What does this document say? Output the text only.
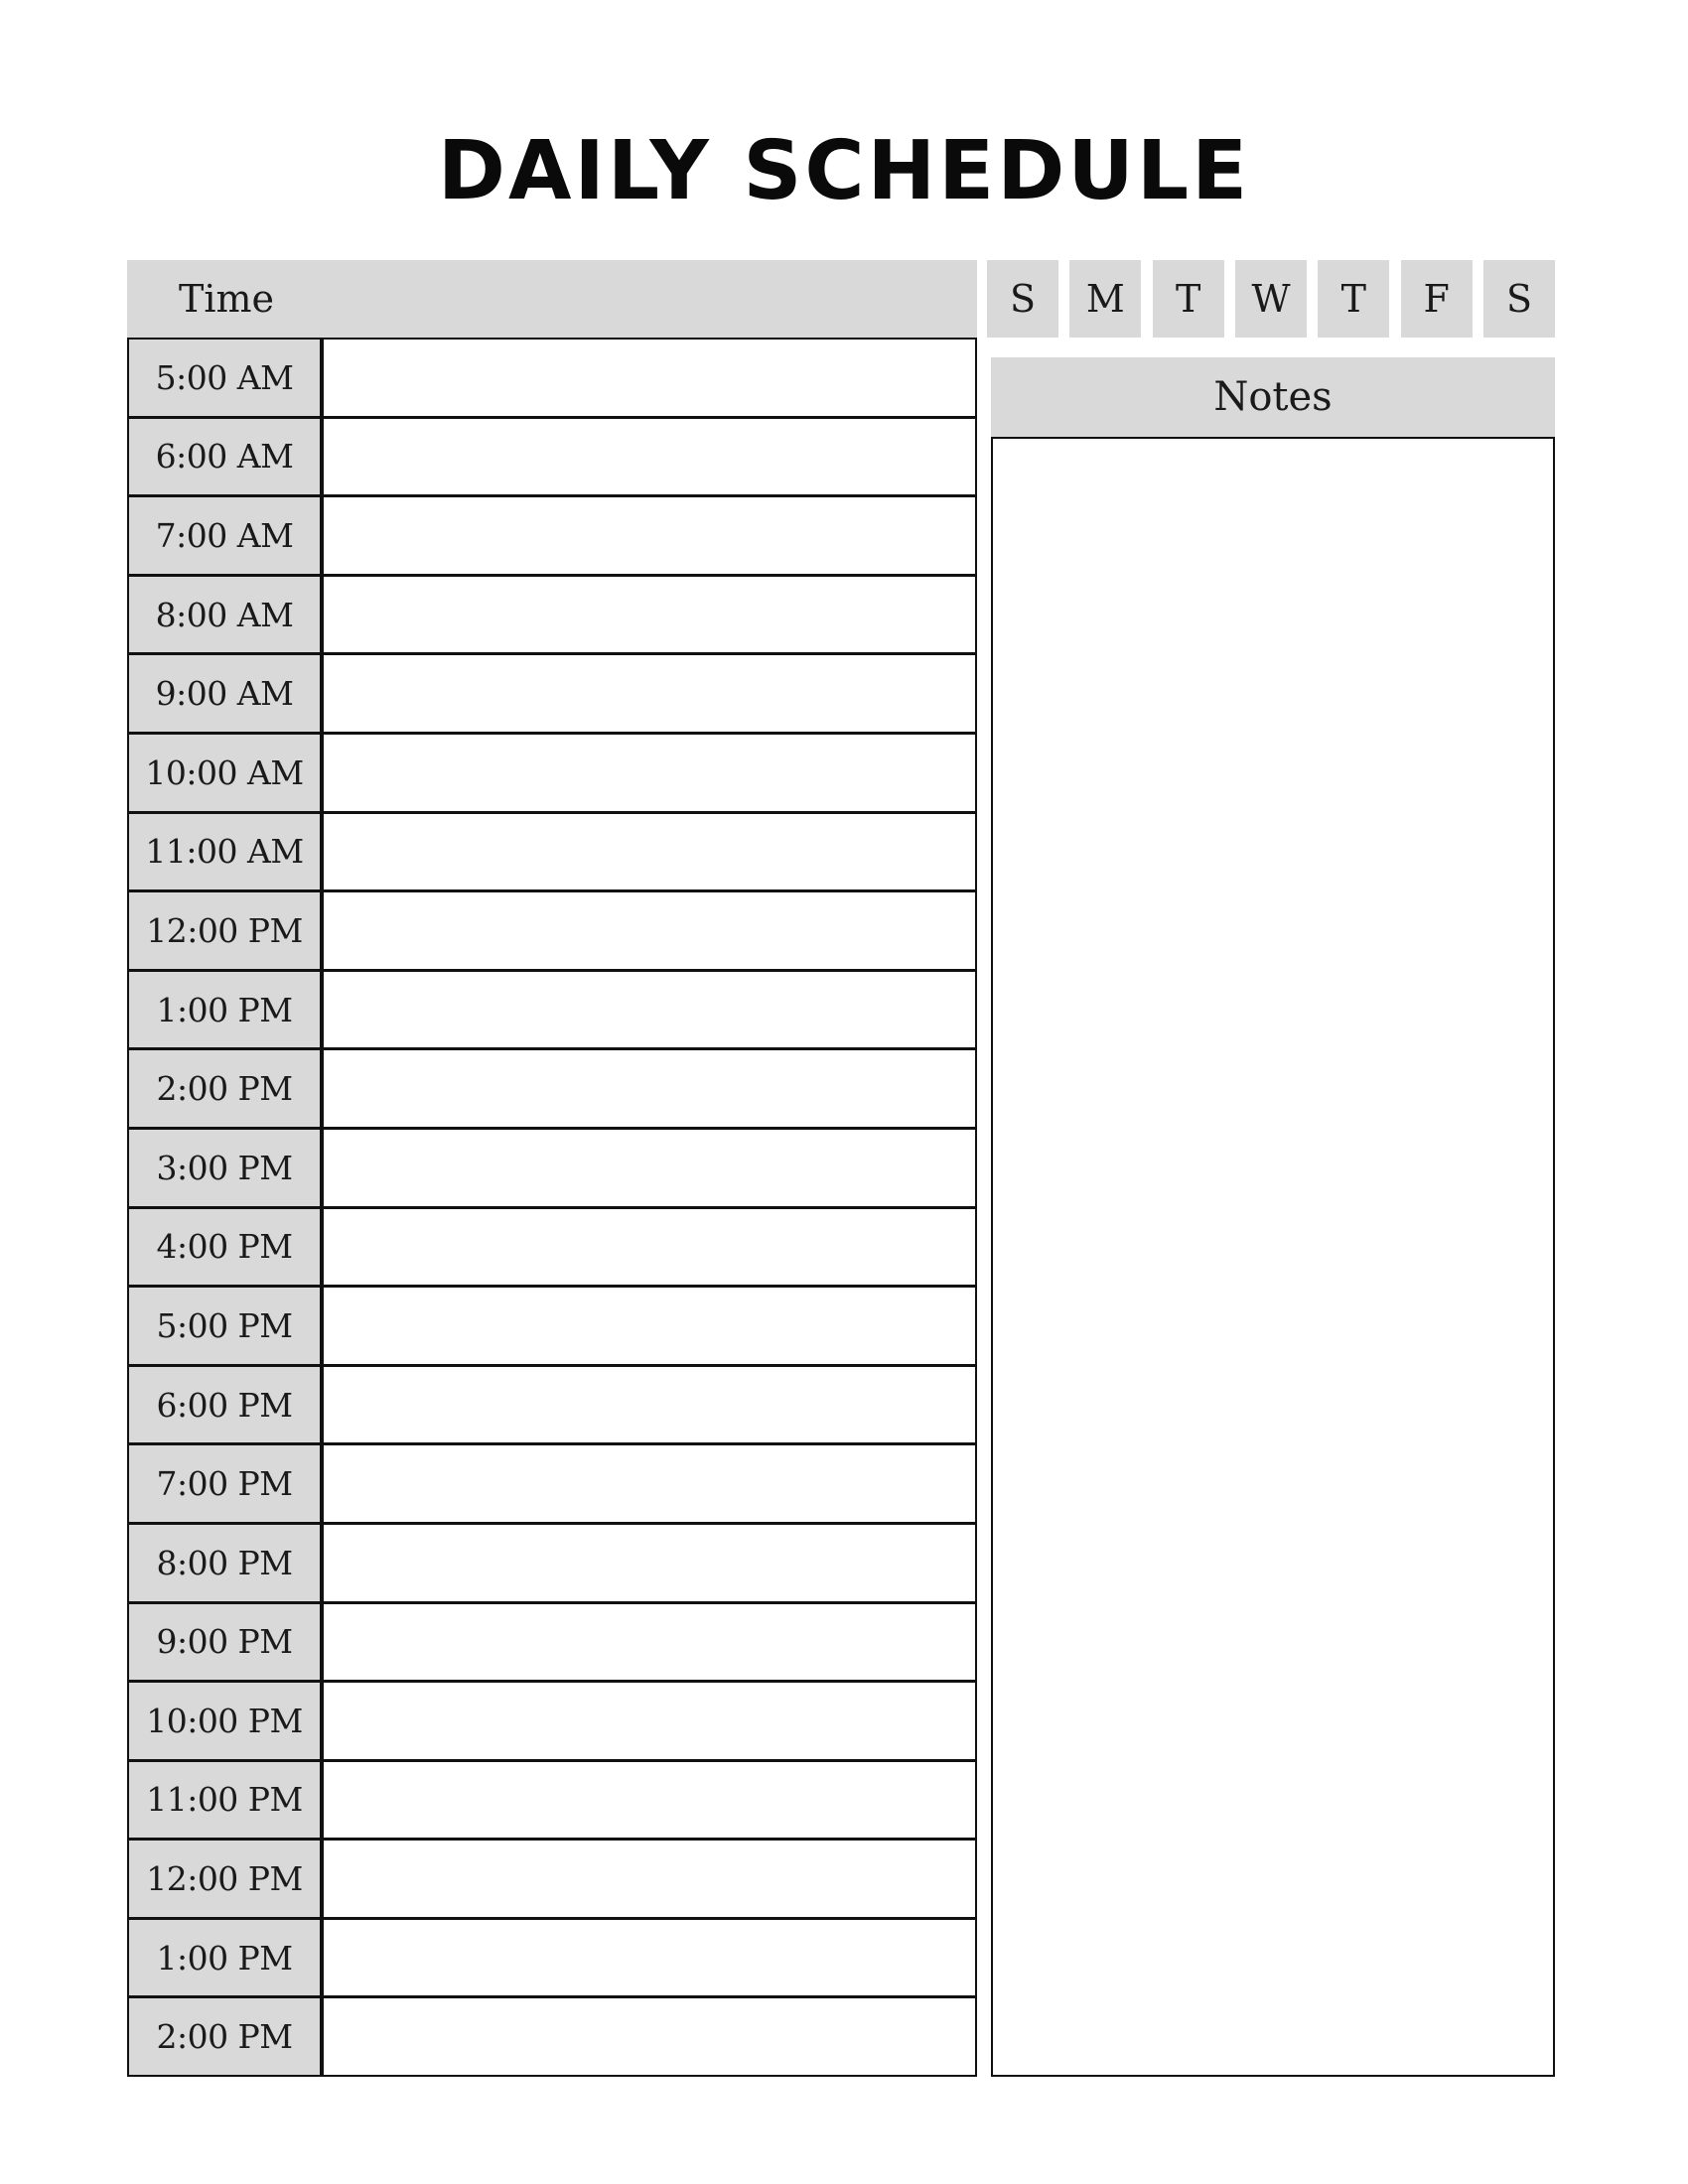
DAILY SCHEDULE
Time
5:00 AM
6:00 AM
7:00 AM
8:00 AM
9:00 AM
10:00 AM
11:00 AM
12:00 PM
1:00 PM
2:00 PM
3:00 PM
4:00 PM
5:00 PM
6:00 PM
7:00 PM
8:00 PM
9:00 PM
10:00 PM
11:00 PM
12:00 PM
1:00 PM
2:00 PM
S	M	T	W	T	F	S
Notes
